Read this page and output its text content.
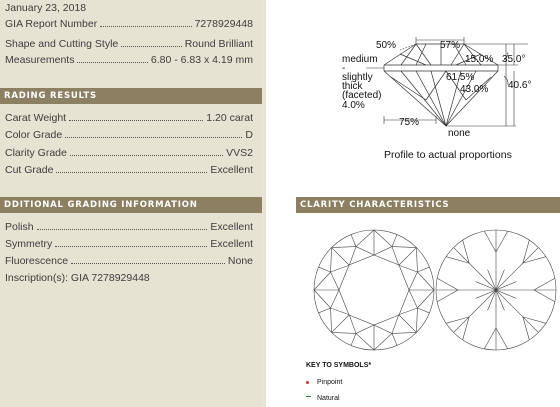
January 23, 2018
GIA Report Number	7278929448
Shape and Cutting Style	Round Brilliant
Measurements	6.80 - 6.83 x 4.19 mm
RADING RESULTS
Carat Weight	1.20 carat
Color Grade	D
Clarity Grade	VVS2
Cut Grade	Excellent
DDITIONAL GRADING INFORMATION
Polish	Excellent
Symmetry	Excellent
Fluorescence	None
Inscription(s): GIA 7278929448
50%	57%
15.0% 35.0°
61.5%
43.0% 40.6°
75%
none
medium
-
slightly
thick
(faceted)
4.0%
Profile to actual proportions
CLARITY CHARACTERISTICS
KEY TO SYMBOLS*
Pinpoint
Natural
